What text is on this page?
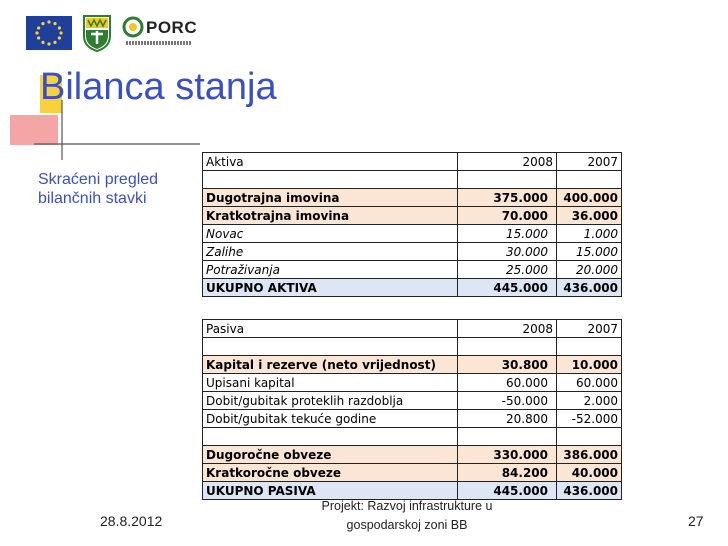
PORC
Bilanca stanja
Skraćeni pregled bilančnih stavki
Aktiva	2008	2007

Dugotrajna imovina	375.000	400.000
Kratkotrajna imovina	70.000	36.000
Novac	15.000	1.000
Zalihe	30.000	15.000
Potraživanja	25.000	20.000
UKUPNO AKTIVA	445.000	436.000
Pasiva	2008	2007

Kapital i rezerve (neto vrijednost)	30.800	10.000
Upisani kapital	60.000	60.000
Dobit/gubitak proteklih razdoblja	-50.000	2.000
Dobit/gubitak tekuće godine	20.800	-52.000

Dugoročne obveze	330.000	386.000
Kratkoročne obveze	84.200	40.000
UKUPNO PASIVA	445.000	436.000
28.8.2012
Projekt: Razvoj infrastrukture u
gospodarskoj zoni BB	27
